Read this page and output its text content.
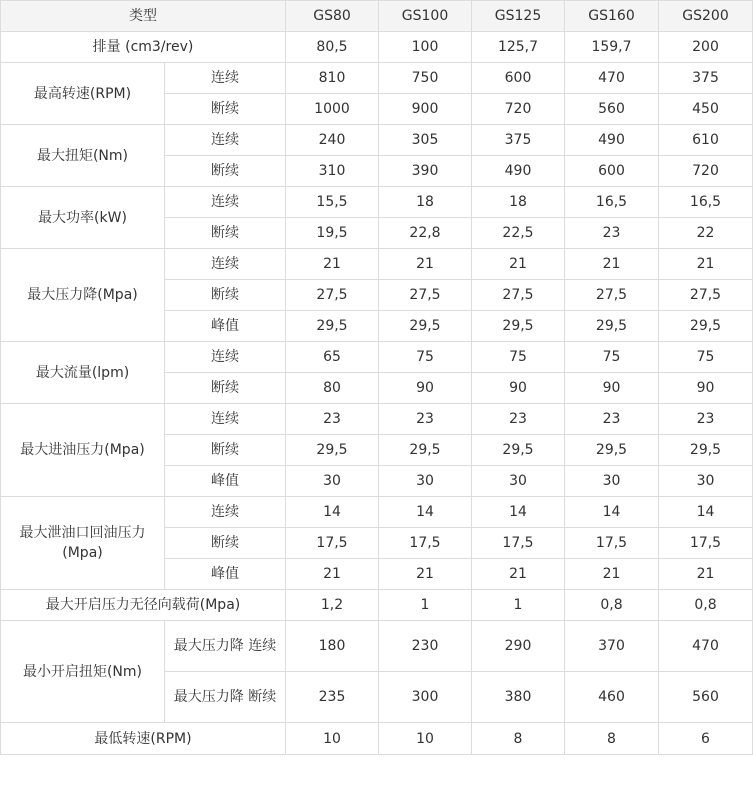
类型		GS80	GS100	GS125	GS160	GS200
排量 (cm3/rev)		80,5	100	125,7	159,7	200
最高转速(RPM)	连续	810	750	600	470	375
	断续	1000	900	720	560	450
最大扭矩(Nm)	连续	240	305	375	490	610
	断续	310	390	490	600	720
最大功率(kW)	连续	15,5	18	18	16,5	16,5
	断续	19,5	22,8	22,5	23	22
最大压力降(Mpa)	连续	21	21	21	21	21
	断续	27,5	27,5	27,5	27,5	27,5
	峰值	29,5	29,5	29,5	29,5	29,5
最大流量(lpm)	连续	65	75	75	75	75
	断续	80	90	90	90	90
最大进油压力(Mpa)	连续	23	23	23	23	23
	断续	29,5	29,5	29,5	29,5	29,5
	峰值	30	30	30	30	30
最大泄油口回油压力(Mpa)	连续	14	14	14	14	14
	断续	17,5	17,5	17,5	17,5	17,5
	峰值	21	21	21	21	21
最大开启压力无径向载荷(Mpa)		1,2	1	1	0,8	0,8
最小开启扭矩(Nm)	最大压力降 连续	180	230	290	370	470
	最大压力降 断续	235	300	380	460	560
最低转速(RPM)		10	10	8	8	6
